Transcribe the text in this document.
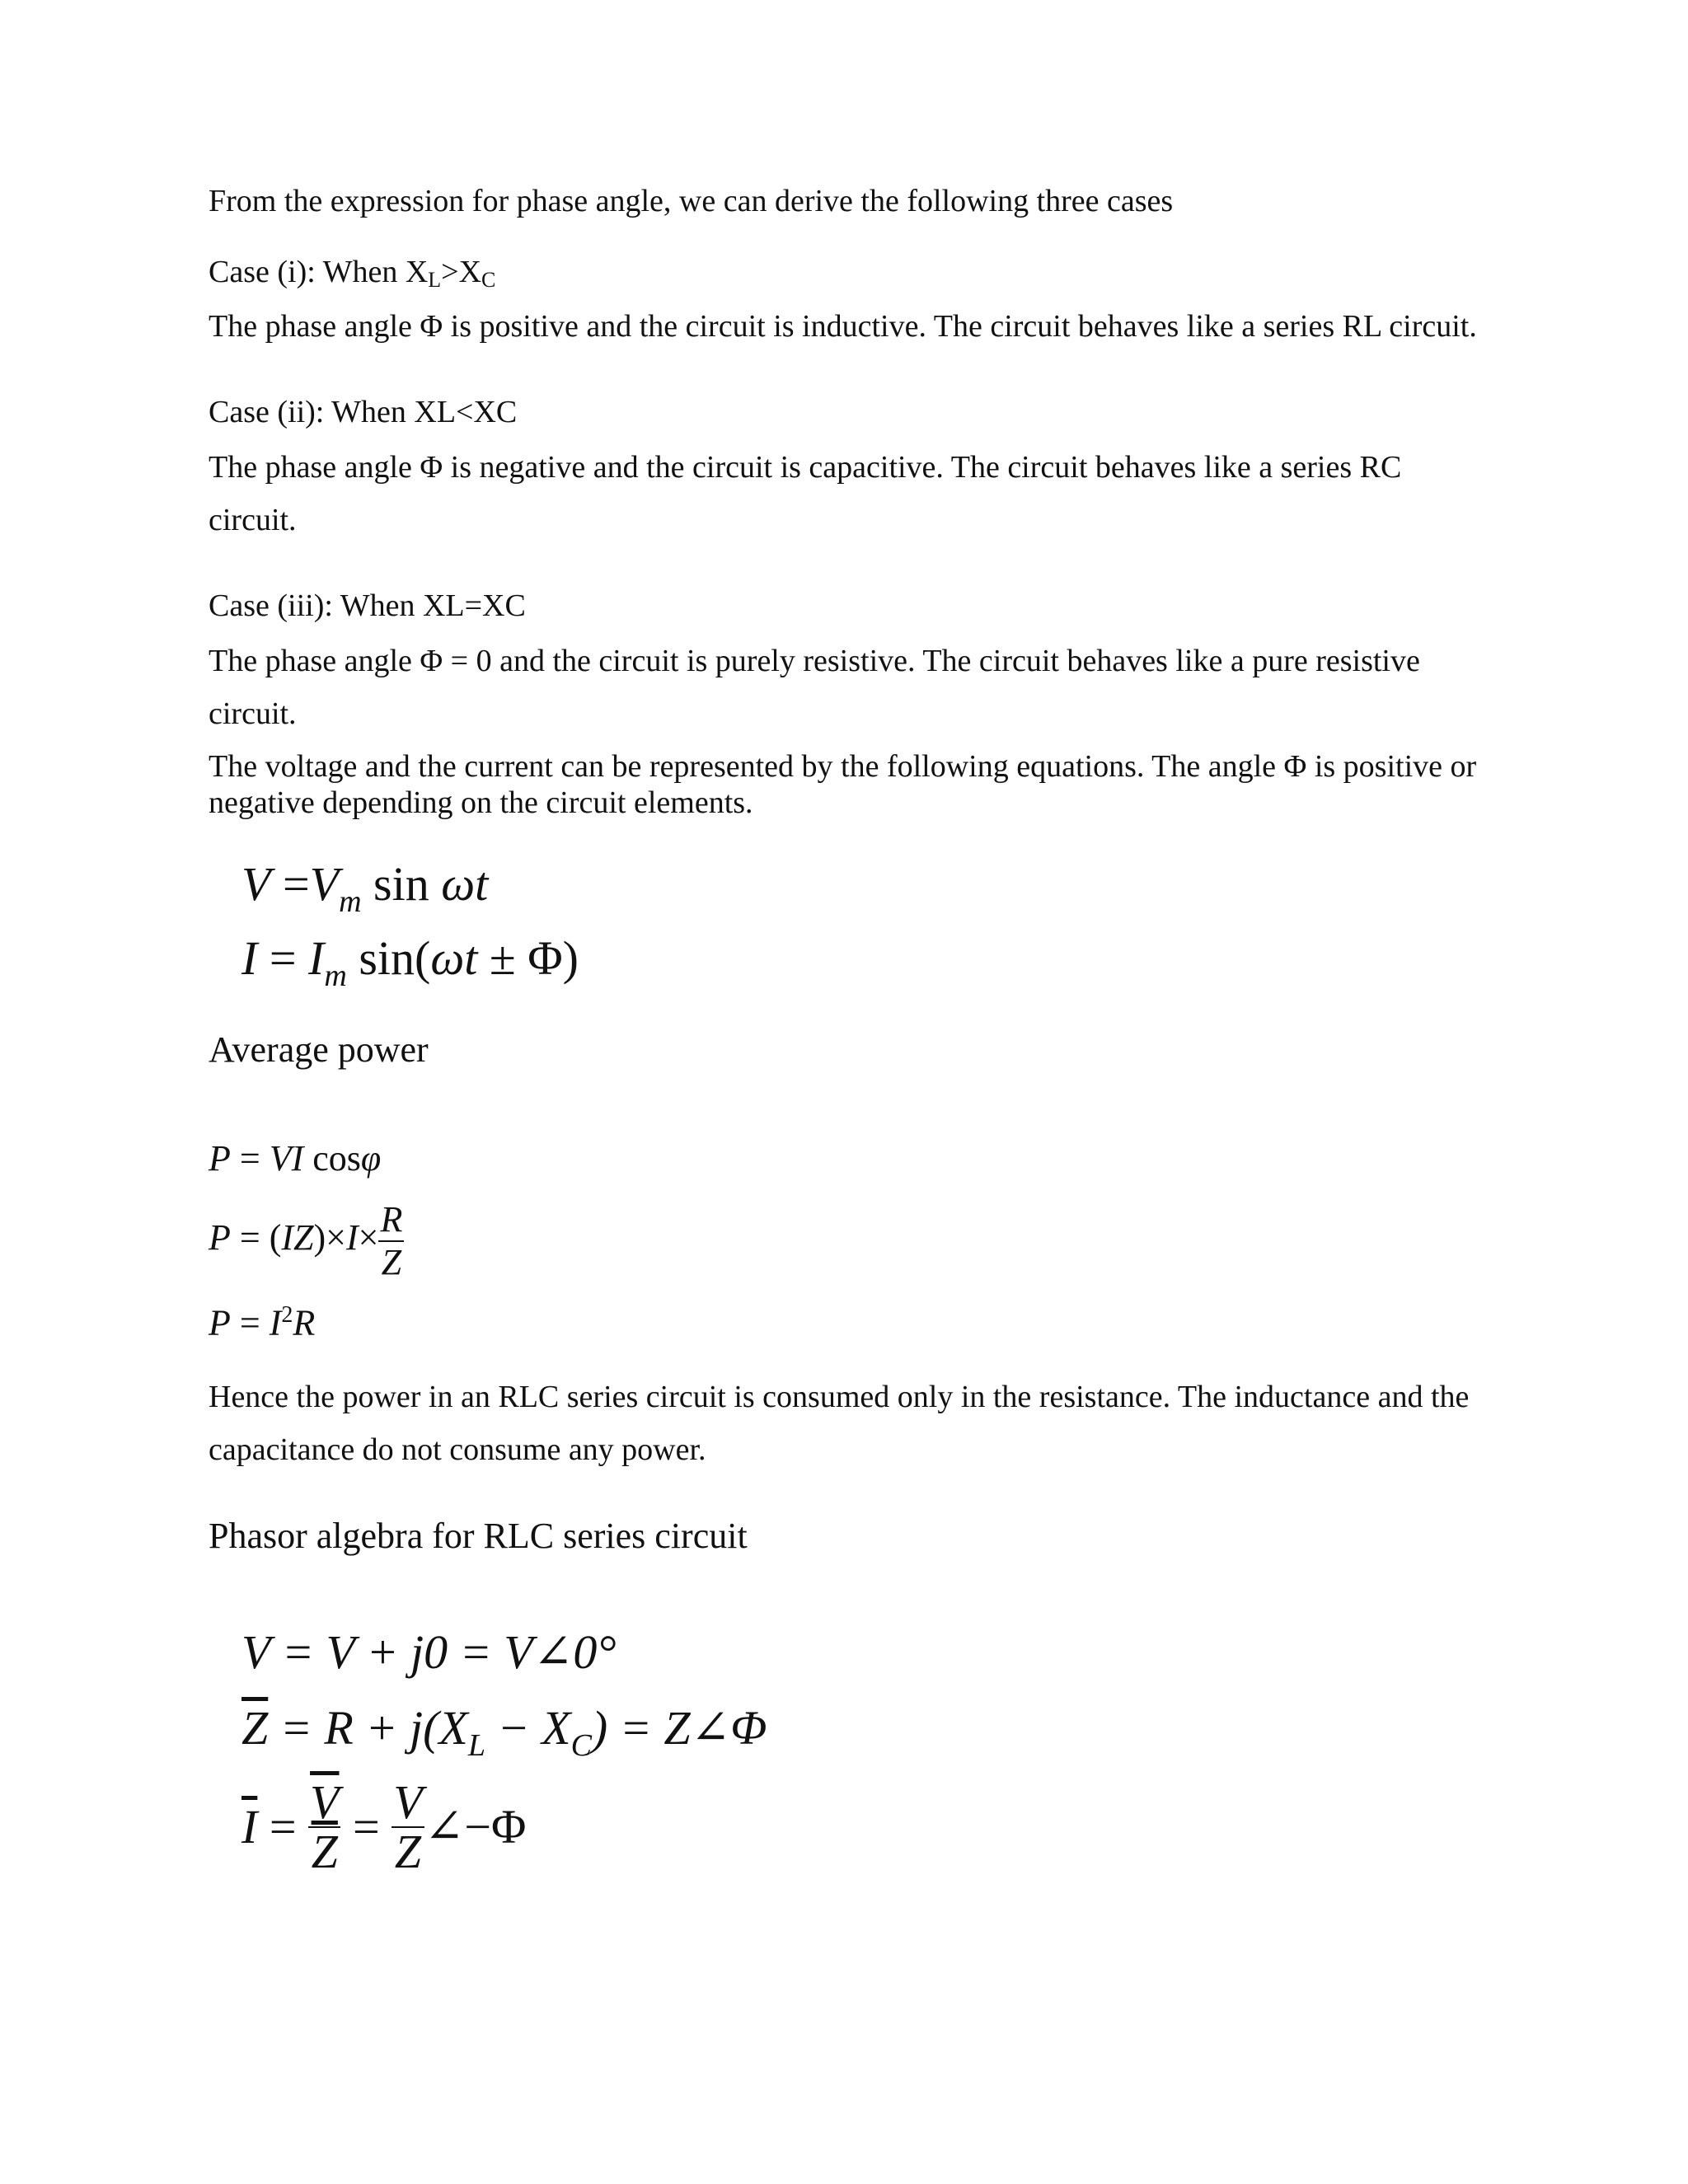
From the expression for phase angle, we can derive the following three cases
Case (i): When $X_L>X_C$
The phase angle Φ is positive and the circuit is inductive. The circuit behaves like a series RL circuit.
Case (ii): When XL<XC
The phase angle Φ is negative and the circuit is capacitive. The circuit behaves like a series RC circuit.
Case (iii): When XL=XC
The phase angle Φ = 0 and the circuit is purely resistive. The circuit behaves like a pure resistive circuit.
The voltage and the current can be represented by the following equations. The angle Φ is positive or negative depending on the circuit elements.
$V =V_m$ sin ωt
$I = I_m$ sin(ωt ± Φ)
Average power
P = VI cosφ
$P = (IZ)\times I\times \frac{R}{Z}$
$P = I^2R$
Hence the power in an RLC series circuit is consumed only in the resistance. The inductance and the capacitance do not consume any power.
Phasor algebra for RLC series circuit
V = V + j0 = V∠0°
$\overline{Z} = R + j(X_L - X_C)$ = Z∠Φ
$\overline{I} = \frac{\overline{V}}{Z} = \frac{V}{Z}$ ∠−Φ
